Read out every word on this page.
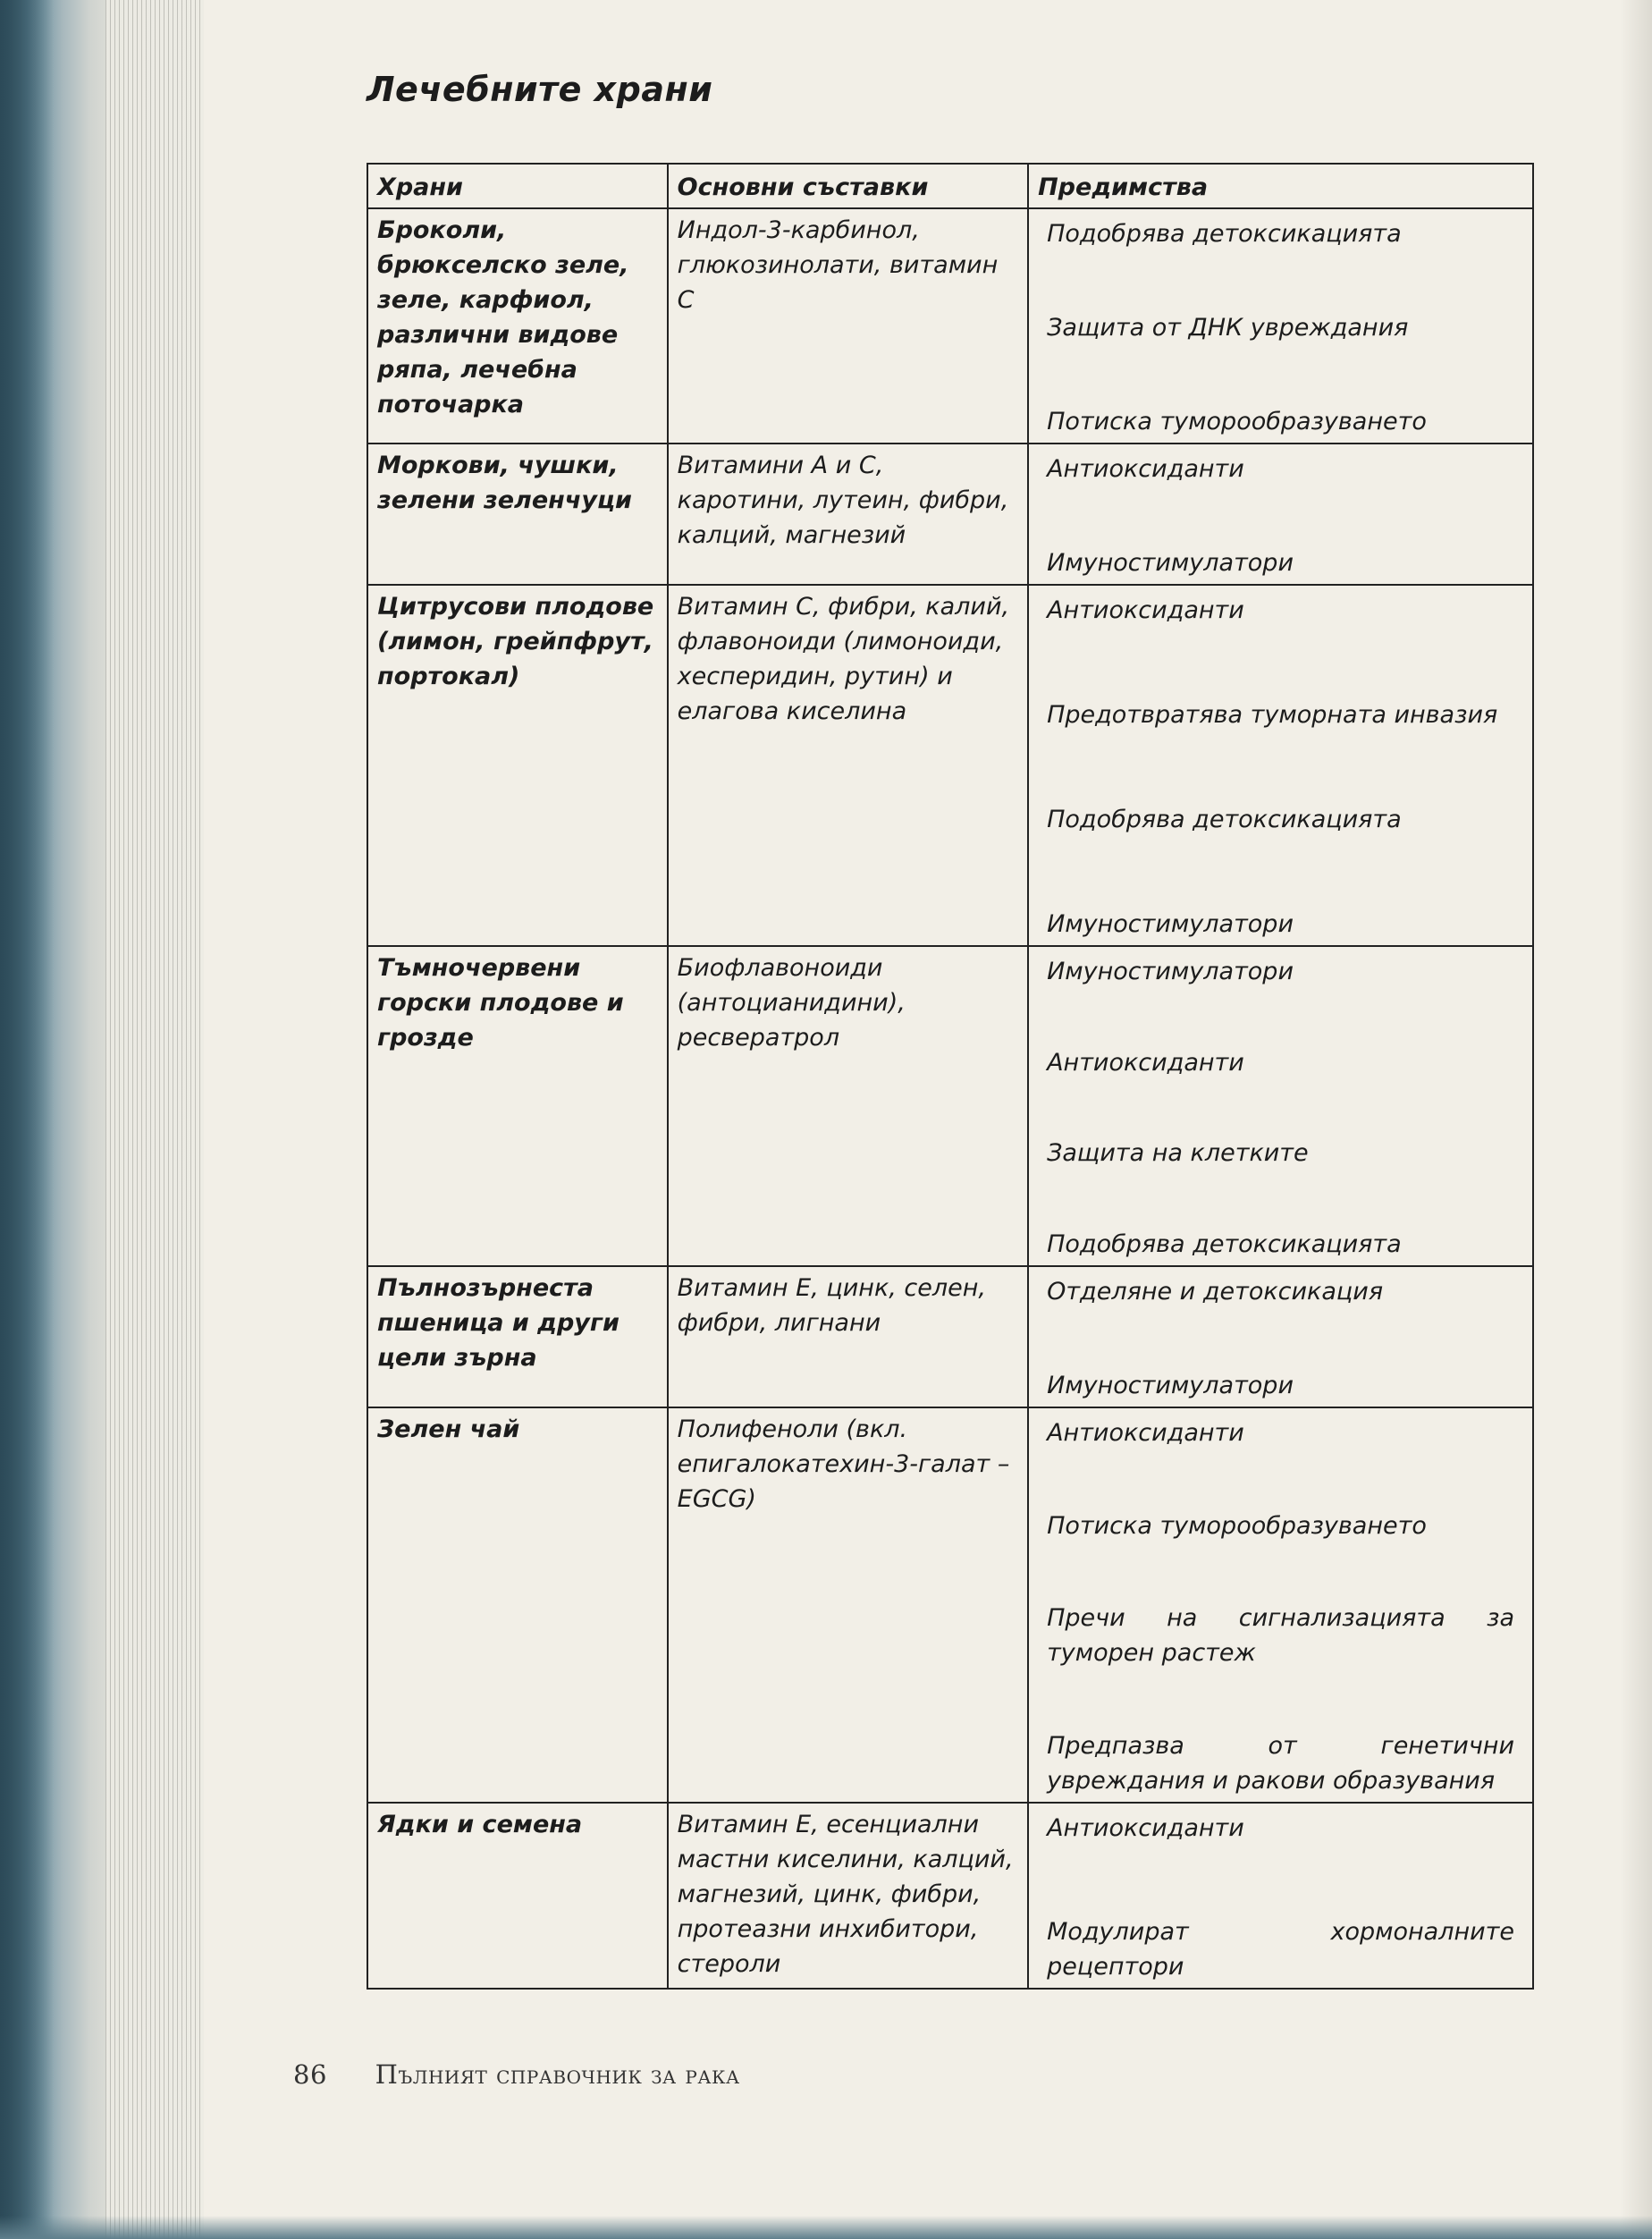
Лечебните храни
Храни	Основни съставки	Предимства
Броколи, брюкселско зеле, зеле, карфиол, различни видове ряпа, лечебна поточарка	Индол-3-карбинол, глюкозинолати, витамин С	Подобрява детоксикацията
Защита от ДНК увреждания
Потиска туморообразуването

Моркови, чушки, зелени зеленчуци	Витамини А и С, каротини, лутеин, фибри, калций, магнезий	Антиоксиданти
Имуностимулатори

Цитрусови плодове (лимон, грейпфрут, портокал)	Витамин С, фибри, калий, флавоноиди (лимоноиди, хесперидин, рутин) и елагова киселина	Антиоксиданти
Предотвратява туморната инвазия
Подобрява детоксикацията
Имуностимулатори

Тъмночервени горски плодове и грозде	Биофлавоноиди (антоцианидини), ресвератрол	Имуностимулатори
Антиоксиданти
Защита на клетките
Подобрява детоксикацията

Пълнозърнеста пшеница и други цели зърна	Витамин Е, цинк, селен, фибри, лигнани	Отделяне и детоксикация
Имуностимулатори

Зелен чай	Полифеноли (вкл. епигалокатехин-3-галат – EGCG)	Антиоксиданти
Потиска туморообразуването
Пречи на сигнализацията за туморен растеж
Предпазва от генетични увреждания и ракови образувания

Ядки и семена	Витамин Е, есенциални мастни киселини, калций, магнезий, цинк, фибри, протеазни инхибитори, стероли	Антиоксиданти
Модулират хормоналните рецептори
86 Пълният справочник за рака
